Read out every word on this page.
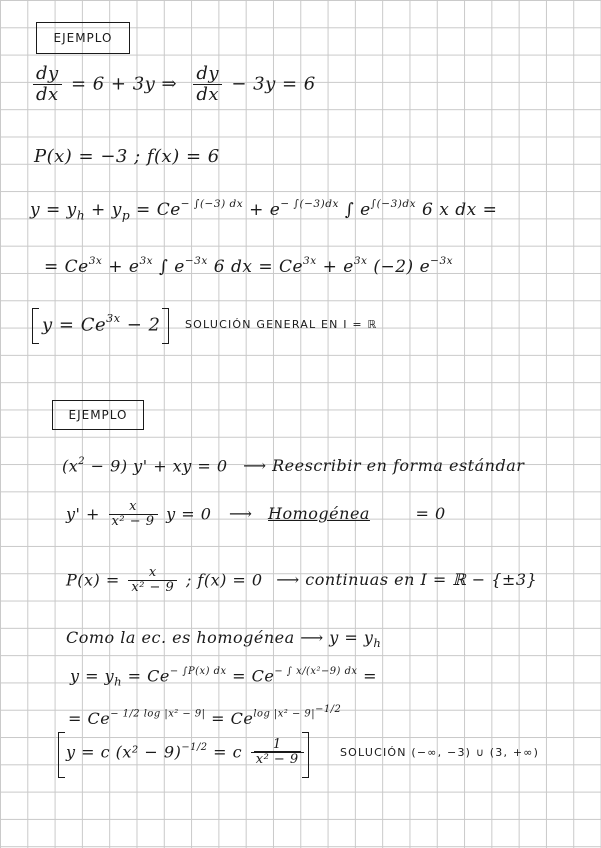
EJEMPLO
$\frac{dy}{dx} = 6 + 3y$ ⇒ $\frac{dy}{dx} - 3y = 6$
P(x) = −3 ; f(x) = 6
$y = y_h + y_p = Ce^{- \int(-3) dx} + e^{- \int(-3)dx}$ ∫ $e^{\int(-3)dx}$ 6 x dx =
= $Ce^{3x} + e^{3x}$ ∫ $e^{-3x}$ 6 dx = $Ce^{3x} + e^{3x}$ (−2) $e^{-3x}$
$y = Ce^{3x} - 2$ SOLUCIÓN GENERAL EN I = ℝ
EJEMPLO
$(x^2 - 9) y'$ + xy = 0 ⟶ Reescribir en forma estándar
$y' + \frac{x}{\text{x² − 9}}$ y = 0 ⟶ Homogénea	= 0
$P(x) = \frac{x}{\text{x² − 9}}$ ; f(x) = 0 ⟶ continuas en I = ℝ − {±3}
Como la ec. es homogénea ⟶ $y = y_h$
$y = y_h = Ce^{- \int P(x) dx} = Ce^{- \int x/(x^2-9) dx}$ =
= $Ce^{- 1/2 log |x^2 - 9|} = Ce^{log |x^2 - 9|-1/2}$
y = c $(x^2 - 9)^{-1/2} = c \frac{1}{\text{x² − 9}}$	SOLUCIÓN (−∞, −3) ∪ (3, +∞)
